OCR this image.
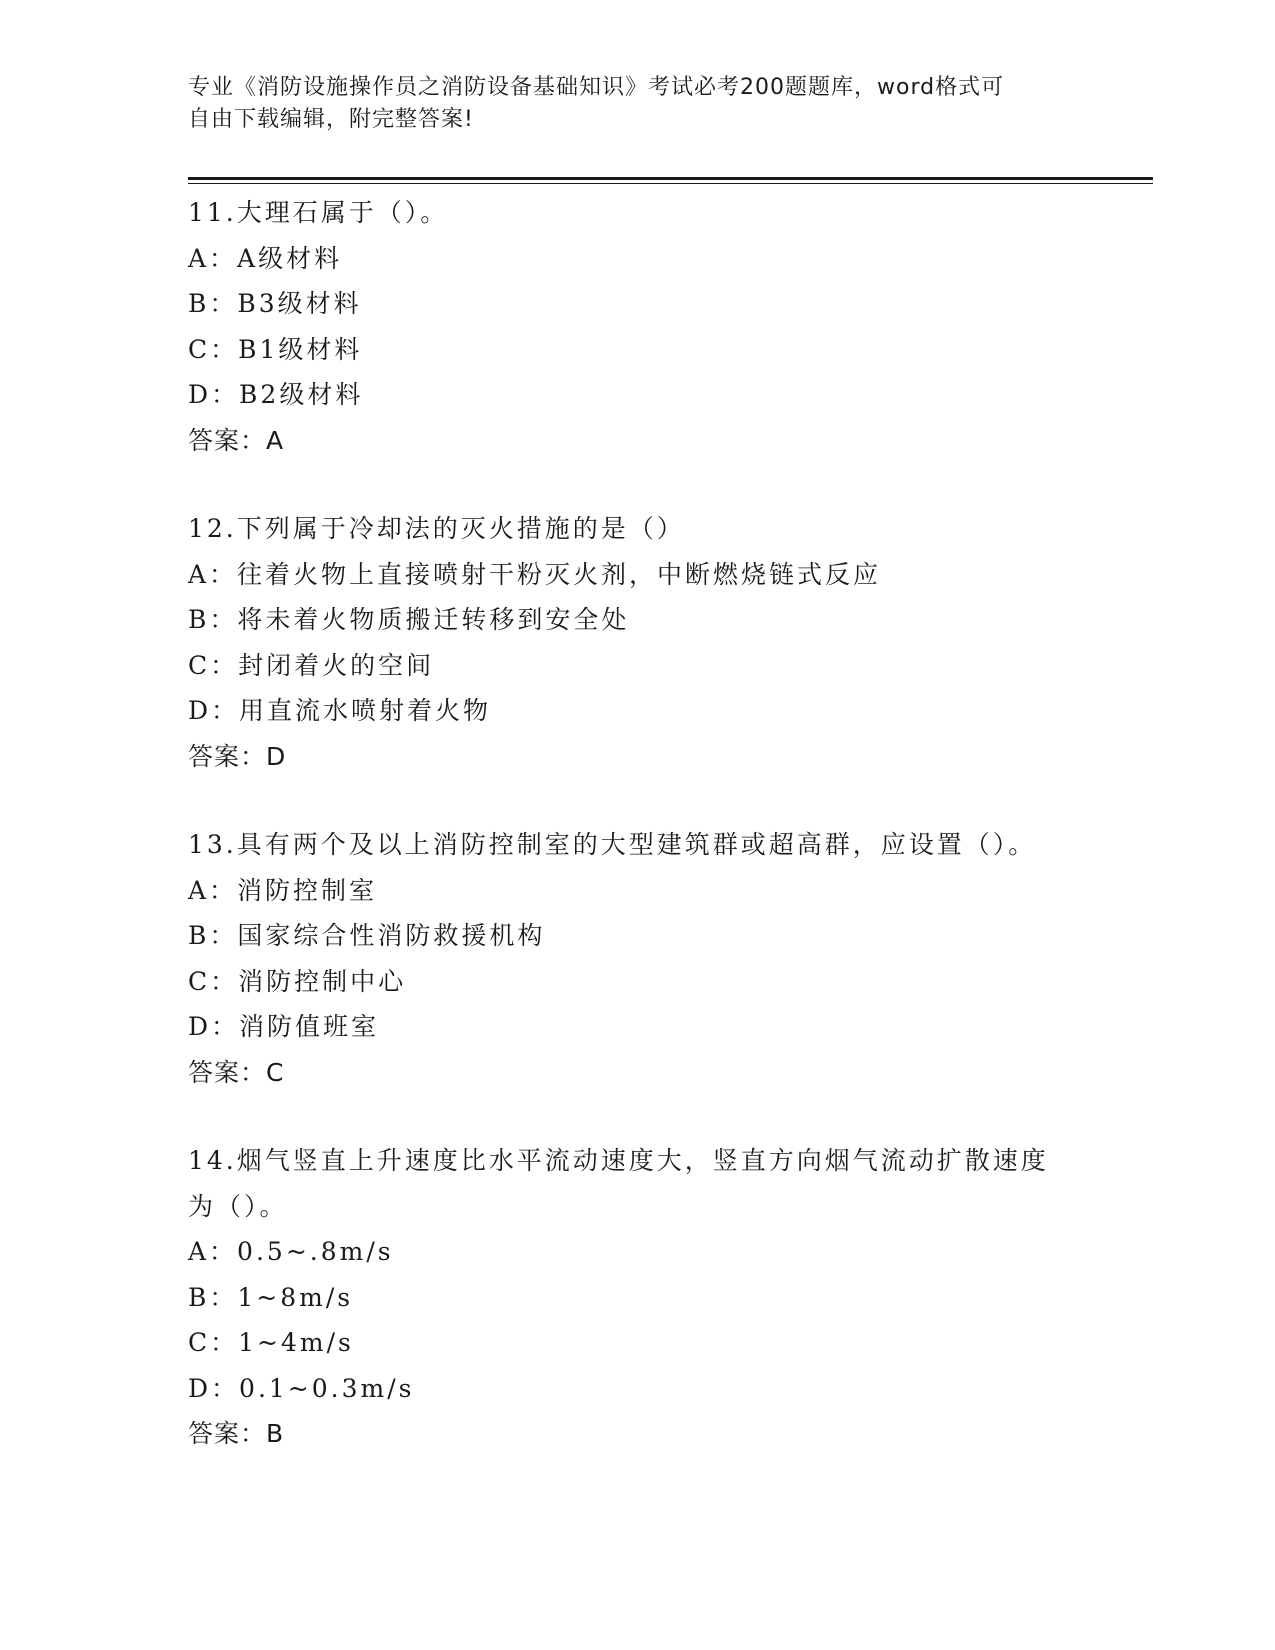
专业《消防设施操作员之消防设备基础知识》考试必考200题题库，word格式可
自由下载编辑，附完整答案!
11.大理石属于（）。
A：A级材料
B：B3级材料
C：B1级材料
D：B2级材料
答案：A
12.下列属于冷却法的灭火措施的是（）
A：往着火物上直接喷射干粉灭火剂，中断燃烧链式反应
B：将未着火物质搬迁转移到安全处
C：封闭着火的空间
D：用直流水喷射着火物
答案：D
13.具有两个及以上消防控制室的大型建筑群或超高群，应设置（）。
A：消防控制室
B：国家综合性消防救援机构
C：消防控制中心
D：消防值班室
答案：C
14.烟气竖直上升速度比水平流动速度大，竖直方向烟气流动扩散速度为（）。
A：0.5~.8m/s
B：1~8m/s
C：1~4m/s
D：0.1~0.3m/s
答案：B
